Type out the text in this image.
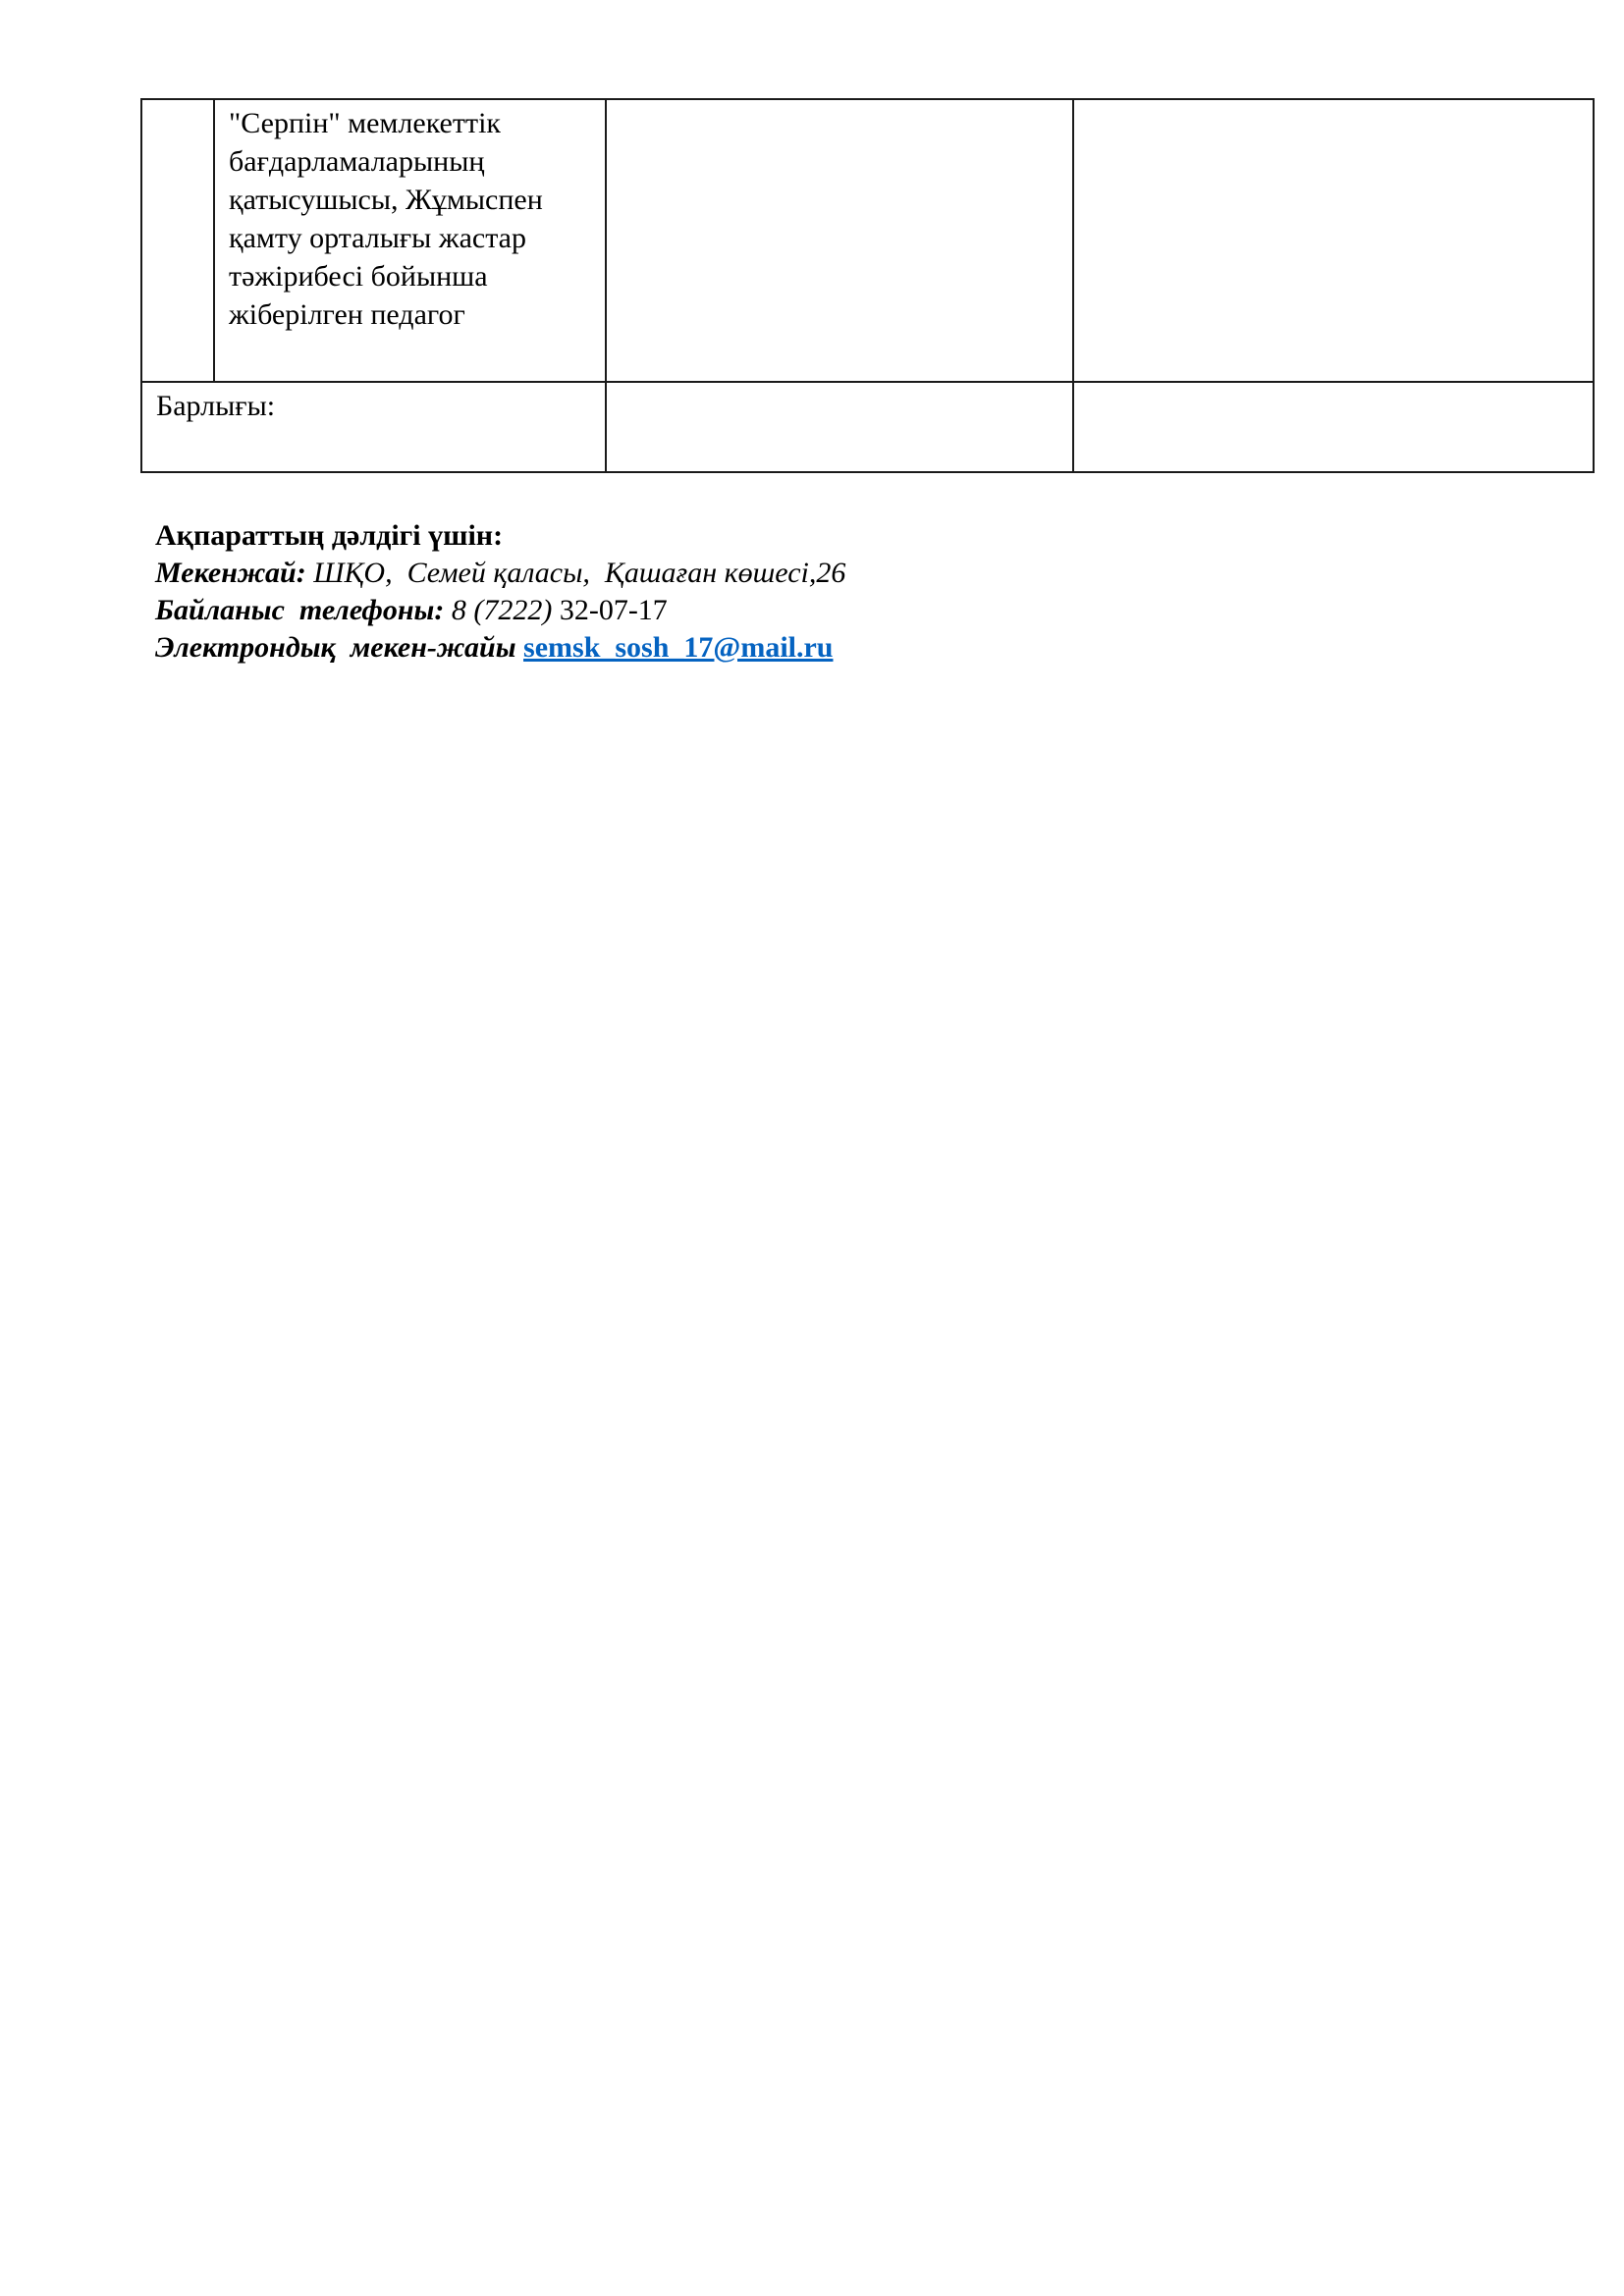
	"Серпін" мемлекеттік бағдарламаларының қатысушысы, Жұмыспен қамту орталығы жастар тәжірибесі бойынша жіберілген педагог		

Барлығы:			

Ақпараттың дәлдігі үшін:
Мекенжай: ШҚО,  Семей қаласы,  Қашаған көшесі,26
Байланыс  телефоны: 8 (7222) 32-07-17
Электрондық  мекен-жайы semsk_sosh_17@mail.ru
